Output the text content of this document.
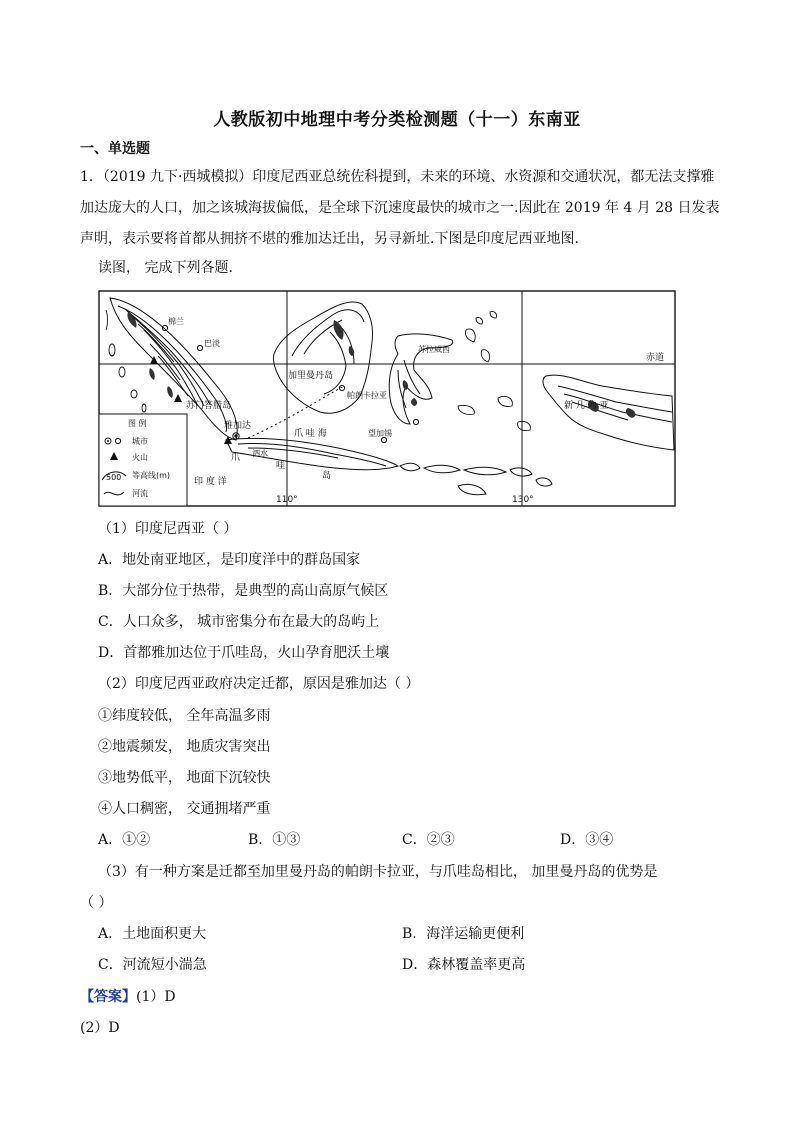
人教版初中地理中考分类检测题（十一）东南亚
一、单选题
1．（2019 九下·西城模拟）印度尼西亚总统佐科提到，未来的环境、水资源和交通状况，都无法支撑雅加达庞大的人口，加之该城海拔偏低，是全球下沉速度最快的城市之一.因此在 2019 年 4 月 28 日发表声明，表示要将首都从拥挤不堪的雅加达迁出，另寻新址.下图是印度尼西亚地图.
读图， 完成下列各题.
棉兰
巴淡
加里曼丹岛
帕朗卡拉亚
苏门答腊岛
雅加达
爪 哇 海	望加锡
爪
哇
岛
泗水
印 度 洋
苏拉威西
新 几 内 亚
赤道
110°	130°
图 例
城市
火山
500 等高线(m)
河流
（1）印度尼西亚（ ）
A．地处南亚地区，是印度洋中的群岛国家
B．大部分位于热带，是典型的高山高原气候区
C．人口众多， 城市密集分布在最大的岛屿上
D．首都雅加达位于爪哇岛，火山孕育肥沃土壤
（2）印度尼西亚政府决定迁都，原因是雅加达（ ）
①纬度较低， 全年高温多雨
②地震频发， 地质灾害突出
③地势低平， 地面下沉较快
④人口稠密， 交通拥堵严重
A．①②	B．①③	C．②③	D．③④
（3）有一种方案是迁都至加里曼丹岛的帕朗卡拉亚，与爪哇岛相比， 加里曼丹岛的优势是
（ ）
A．土地面积更大	B．海洋运输更便利
C．河流短小湍急	D．森林覆盖率更高
【答案】(1）D
(2）D
